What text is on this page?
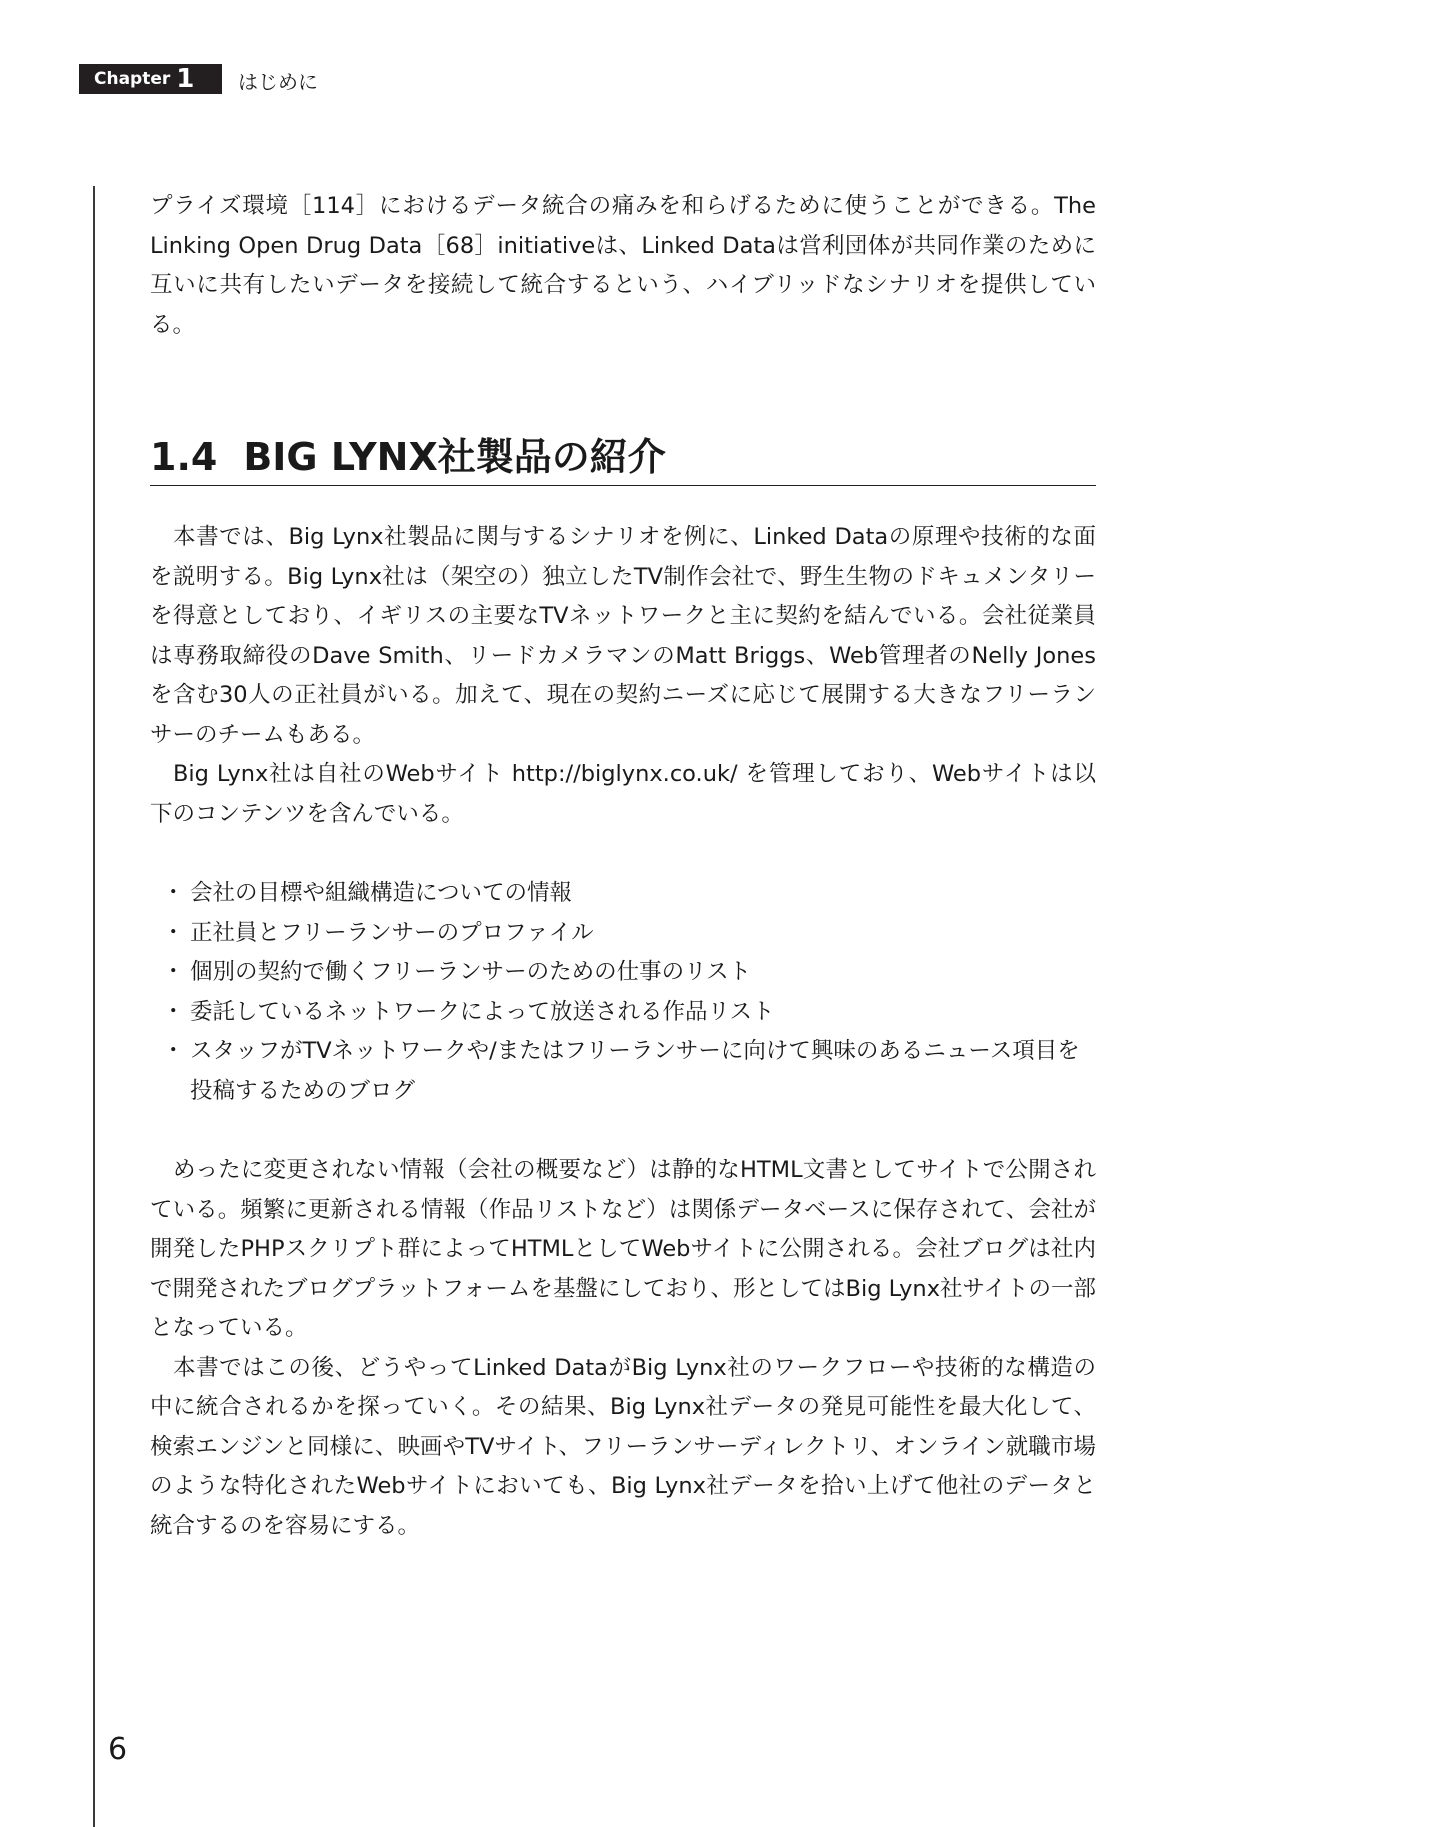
Chapter 1 はじめに

プライズ環境［114］におけるデータ統合の痛みを和らげるために使うことができる。The Linking Open Drug Data［68］initiativeは、Linked Dataは営利団体が共同作業のために互いに共有したいデータを接続して統合するという、ハイブリッドなシナリオを提供している。

1.4 BIG LYNX社製品の紹介

本書では、Big Lynx社製品に関与するシナリオを例に、Linked Dataの原理や技術的な面を説明する。Big Lynx社は（架空の）独立したTV制作会社で、野生生物のドキュメンタリーを得意としており、イギリスの主要なTVネットワークと主に契約を結んでいる。会社従業員は専務取締役のDave Smith、リードカメラマンのMatt Briggs、Web管理者のNelly Jonesを含む30人の正社員がいる。加えて、現在の契約ニーズに応じて展開する大きなフリーランサーのチームもある。

Big Lynx社は自社のWebサイト http://biglynx.co.uk/ を管理しており、Webサイトは以下のコンテンツを含んでいる。

・ 会社の目標や組織構造についての情報
・ 正社員とフリーランサーのプロファイル
・ 個別の契約で働くフリーランサーのための仕事のリスト
・ 委託しているネットワークによって放送される作品リスト
・ スタッフがTVネットワークや/またはフリーランサーに向けて興味のあるニュース項目を投稿するためのブログ

めったに変更されない情報（会社の概要など）は静的なHTML文書としてサイトで公開されている。頻繁に更新される情報（作品リストなど）は関係データベースに保存されて、会社が開発したPHPスクリプト群によってHTMLとしてWebサイトに公開される。会社ブログは社内で開発されたブログプラットフォームを基盤にしており、形としてはBig Lynx社サイトの一部となっている。

本書ではこの後、どうやってLinked DataがBig Lynx社のワークフローや技術的な構造の中に統合されるかを探っていく。その結果、Big Lynx社データの発見可能性を最大化して、検索エンジンと同様に、映画やTVサイト、フリーランサーディレクトリ、オンライン就職市場のような特化されたWebサイトにおいても、Big Lynx社データを拾い上げて他社のデータと統合するのを容易にする。

6
